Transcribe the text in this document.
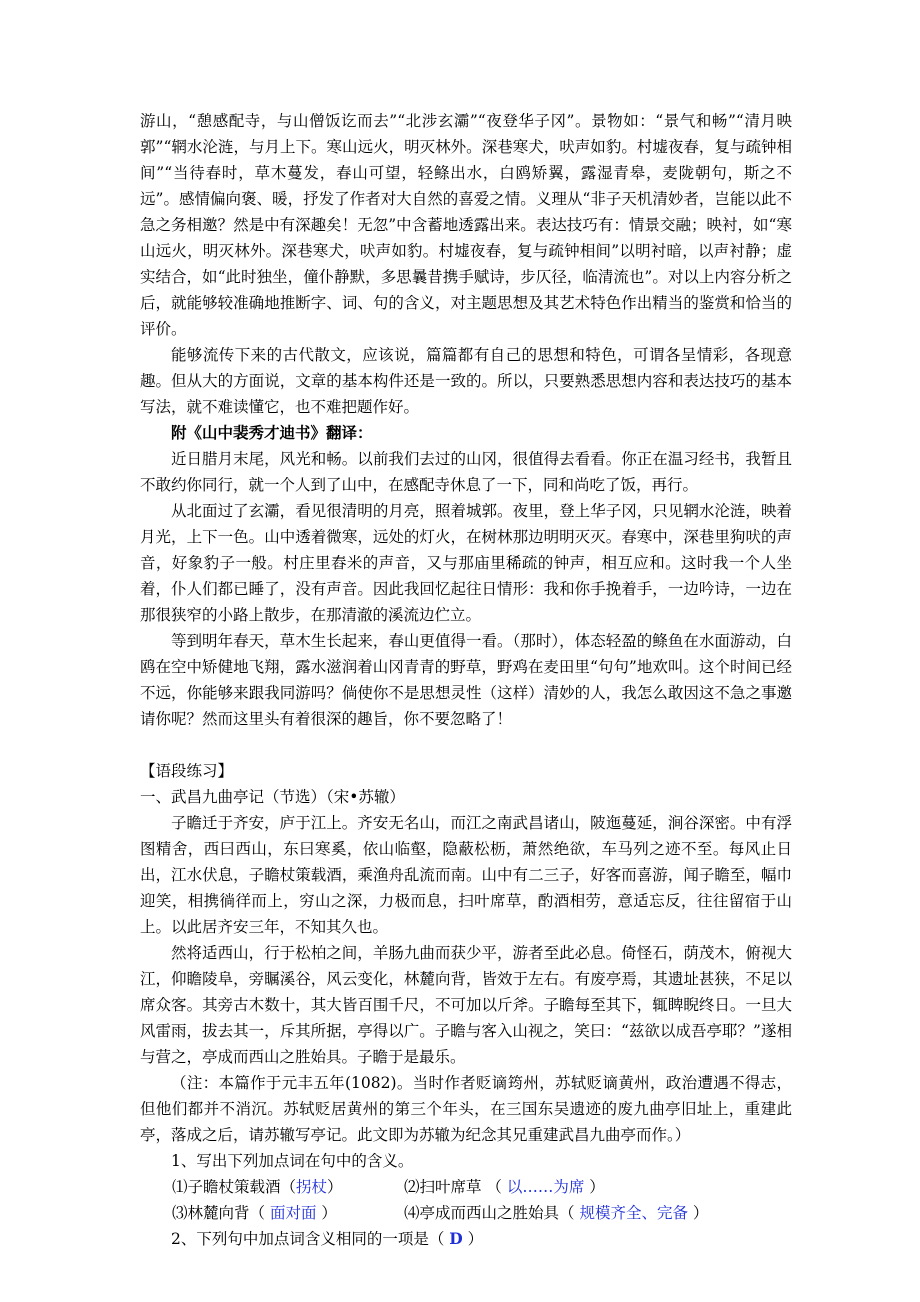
游山，“憩感配寺，与山僧饭讫而去”“北涉玄灞”“夜登华子冈”。景物如：“景气和畅”“清月映郭”“辋水沦涟，与月上下。寒山远火，明灭林外。深巷寒犬，吠声如豹。村墟夜春，复与疏钟相间”“当待春时，草木蔓发，春山可望，轻鲦出水，白鸥矫翼，露湿青皋，麦陇朝句，斯之不远”。感情偏向褒、暖，抒发了作者对大自然的喜爱之情。义理从“非子天机清妙者，岂能以此不急之务相邀？然是中有深趣矣！无忽”中含蓄地透露出来。表达技巧有：情景交融；映衬，如“寒山远火，明灭林外。深巷寒犬，吠声如豹。村墟夜春，复与疏钟相间”以明衬暗，以声衬静；虚实结合，如“此时独坐，僮仆静默，多思曩昔携手赋诗，步仄径，临清流也”。对以上内容分析之后，就能够较准确地推断字、词、句的含义，对主题思想及其艺术特色作出精当的鉴赏和恰当的评价。

能够流传下来的古代散文，应该说，篇篇都有自己的思想和特色，可谓各呈情彩，各现意趣。但从大的方面说，文章的基本构件还是一致的。所以，只要熟悉思想内容和表达技巧的基本写法，就不难读懂它，也不难把题作好。

附《山中裴秀才迪书》翻译：

近日腊月末尾，风光和畅。以前我们去过的山冈，很值得去看看。你正在温习经书，我暂且不敢约你同行，就一个人到了山中，在感配寺休息了一下，同和尚吃了饭，再行。

从北面过了玄灞，看见很清明的月亮，照着城郭。夜里，登上华子冈，只见辋水沦涟，映着月光，上下一色。山中透着微寒，远处的灯火，在树林那边明明灭灭。春寒中，深巷里狗吠的声音，好象豹子一般。村庄里舂米的声音，又与那庙里稀疏的钟声，相互应和。这时我一个人坐着，仆人们都已睡了，没有声音。因此我回忆起往日情形：我和你手挽着手，一边吟诗，一边在那很狭窄的小路上散步，在那清澈的溪流边伫立。

等到明年春天，草木生长起来，春山更值得一看。（那时），体态轻盈的鲦鱼在水面游动，白鸥在空中矫健地飞翔，露水滋润着山冈青青的野草，野鸡在麦田里“句句”地欢叫。这个时间已经不远，你能够来跟我同游吗？倘使你不是思想灵性（这样）清妙的人，我怎么敢因这不急之事邀请你呢？然而这里头有着很深的趣旨，你不要忽略了！

【语段练习】

一、武昌九曲亭记（节选）（宋•苏辙）

子瞻迁于齐安，庐于江上。齐安无名山，而江之南武昌诸山，陂迤蔓延，涧谷深密。中有浮图精舍，西曰西山，东曰寒奚，依山临壑，隐蔽松枥，萧然绝欲，车马列之迹不至。每风止日出，江水伏息，子瞻杖策载酒，乘渔舟乱流而南。山中有二三子，好客而喜游，闻子瞻至，幅巾迎笑，相携徜徉而上，穷山之深，力极而息，扫叶席草，酌酒相劳，意适忘反，往往留宿于山上。以此居齐安三年，不知其久也。

然将适西山，行于松柏之间，羊肠九曲而获少平，游者至此必息。倚怪石，荫茂木，俯视大江，仰瞻陵阜，旁瞩溪谷，风云变化，林麓向背，皆效于左右。有废亭焉，其遗址甚狭，不足以席众客。其旁古木数十，其大皆百围千尺，不可加以斤斧。子瞻每至其下，辄睥睨终日。一旦大风雷雨，拔去其一，斥其所据，亭得以广。子瞻与客入山视之，笑曰：“兹欲以成吾亭耶？”遂相与营之，亭成而西山之胜始具。子瞻于是最乐。

（注：本篇作于元丰五年(1082)。当时作者贬谪筠州，苏轼贬谪黄州，政治遭遇不得志，但他们都并不消沉。苏轼贬居黄州的第三个年头，在三国东吴遗迹的废九曲亭旧址上，重建此亭，落成之后，请苏辙写亭记。此文即为苏辙为纪念其兄重建武昌九曲亭而作。）

1、写出下列加点词在句中的含义。

⑴子瞻杖策载酒（拐杖）	⑵扫叶席草 （ 以……为席 ）
⑶林麓向背（ 面对面 ）	⑷亭成而西山之胜始具（ 规模齐全、完备 ）

2、下列句中加点词含义相同的一项是（ D ）
